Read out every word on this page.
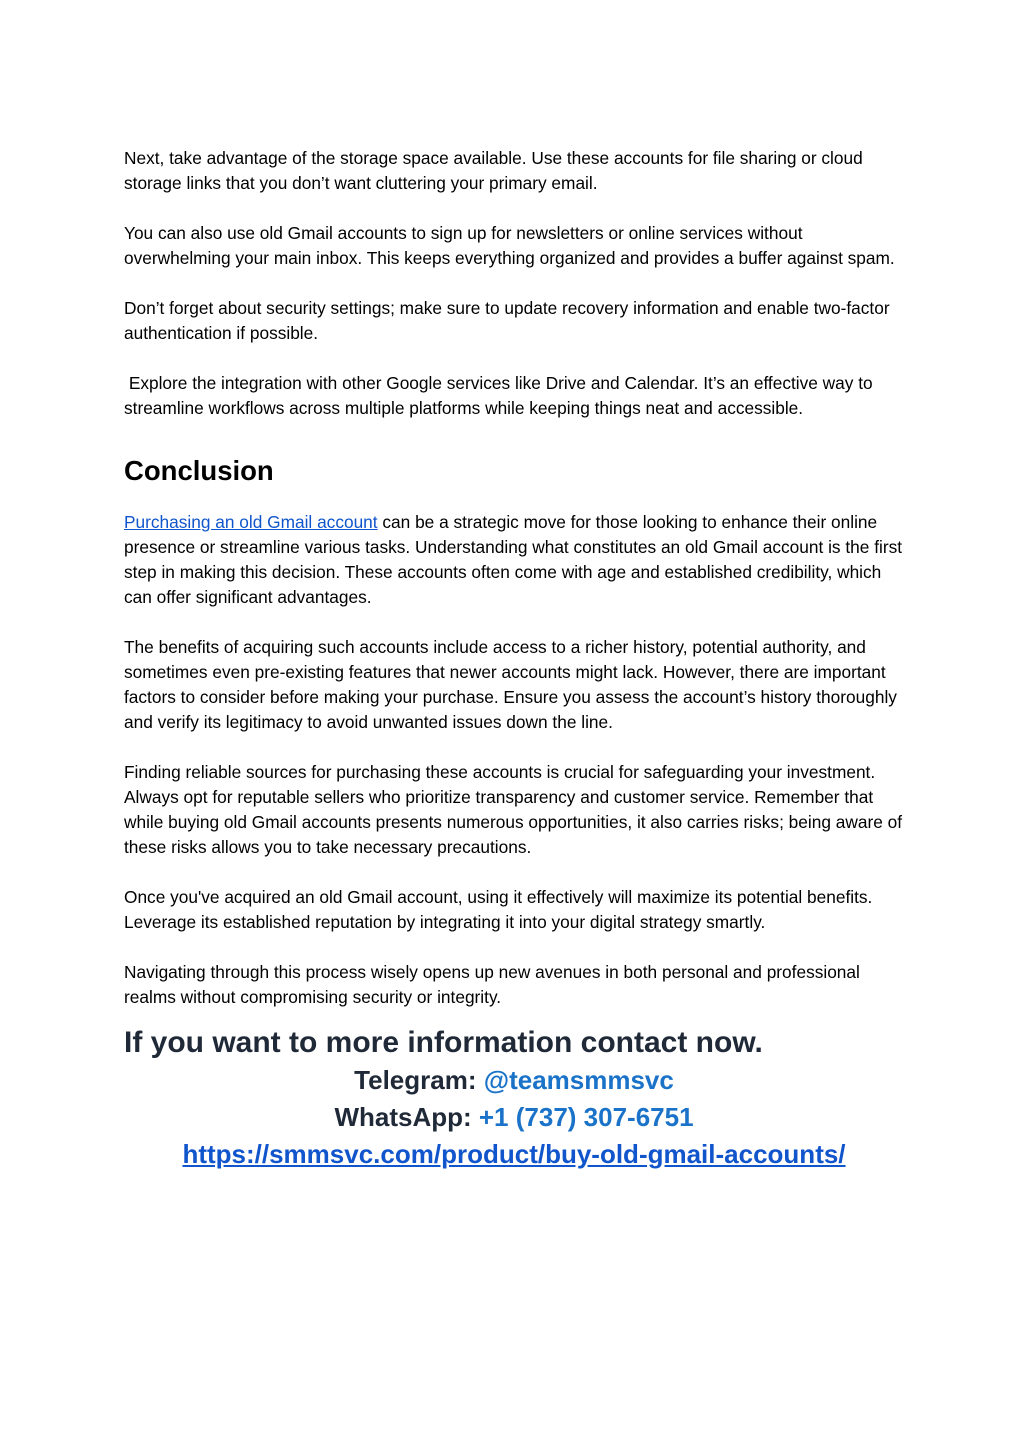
Next, take advantage of the storage space available. Use these accounts for file sharing or cloud storage links that you don’t want cluttering your primary email.

You can also use old Gmail accounts to sign up for newsletters or online services without overwhelming your main inbox. This keeps everything organized and provides a buffer against spam.

Don’t forget about security settings; make sure to update recovery information and enable two-factor authentication if possible.

Explore the integration with other Google services like Drive and Calendar. It’s an effective way to streamline workflows across multiple platforms while keeping things neat and accessible.

Conclusion

Purchasing an old Gmail account can be a strategic move for those looking to enhance their online presence or streamline various tasks. Understanding what constitutes an old Gmail account is the first step in making this decision. These accounts often come with age and established credibility, which can offer significant advantages.

The benefits of acquiring such accounts include access to a richer history, potential authority, and sometimes even pre-existing features that newer accounts might lack. However, there are important factors to consider before making your purchase. Ensure you assess the account’s history thoroughly and verify its legitimacy to avoid unwanted issues down the line.

Finding reliable sources for purchasing these accounts is crucial for safeguarding your investment. Always opt for reputable sellers who prioritize transparency and customer service. Remember that while buying old Gmail accounts presents numerous opportunities, it also carries risks; being aware of these risks allows you to take necessary precautions.

Once you've acquired an old Gmail account, using it effectively will maximize its potential benefits. Leverage its established reputation by integrating it into your digital strategy smartly.

Navigating through this process wisely opens up new avenues in both personal and professional realms without compromising security or integrity.

If you want to more information contact now.
Telegram: @teamsmmsvc
WhatsApp: +1 (737) 307‑6751
https://smmsvc.com/product/buy-old-gmail-accounts/
